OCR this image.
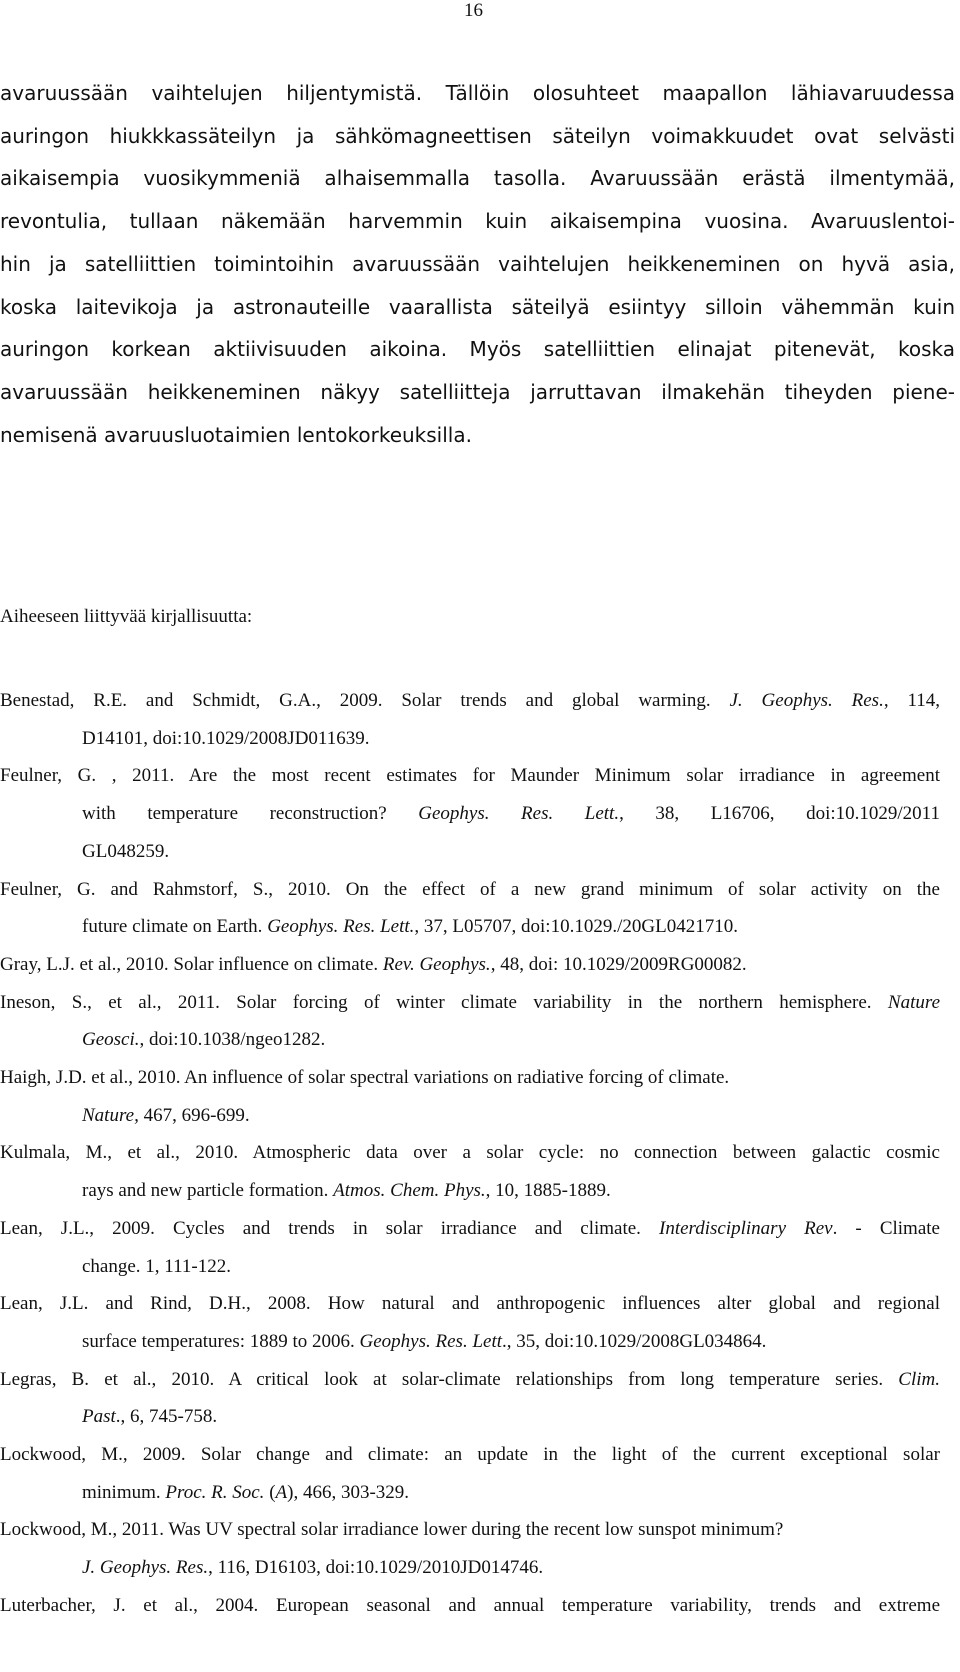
16
avaruussään vaihtelujen hiljentymistä. Tällöin olosuhteet maapallon lähiavaruudessa
auringon hiukkkassäteilyn ja sähkömagneettisen säteilyn voimakkuudet ovat selvästi
aikaisempia vuosikymmeniä alhaisemmalla tasolla. Avaruussään erästä ilmentymää,
revontulia, tullaan näkemään harvemmin kuin aikaisempina vuosina. Avaruuslentoi-
hin ja satelliittien toimintoihin avaruussään vaihtelujen heikkeneminen on hyvä asia,
koska laitevikoja ja astronauteille vaarallista säteilyä esiintyy silloin vähemmän kuin
auringon korkean aktiivisuuden aikoina. Myös satelliittien elinajat pitenevät, koska
avaruussään heikkeneminen näkyy satelliitteja jarruttavan ilmakehän tiheyden piene-
nemisenä avaruusluotaimien lentokorkeuksilla.
Aiheeseen liittyvää kirjallisuutta:
Benestad, R.E. and Schmidt, G.A., 2009. Solar trends and global warming. J. Geophys. Res., 114,
D14101, doi:10.1029/2008JD011639.
Feulner, G. , 2011. Are the most recent estimates for Maunder Minimum solar irradiance in agreement
with temperature reconstruction? Geophys. Res. Lett., 38, L16706, doi:10.1029/2011
GL048259.
Feulner, G. and Rahmstorf, S., 2010. On the effect of a new grand minimum of solar activity on the
future climate on Earth. Geophys. Res. Lett., 37, L05707, doi:10.1029./20GL0421710.
Gray, L.J. et al., 2010. Solar influence on climate. Rev. Geophys., 48, doi: 10.1029/2009RG00082.
Ineson, S., et al., 2011. Solar forcing of winter climate variability in the northern hemisphere. Nature
Geosci., doi:10.1038/ngeo1282.
Haigh, J.D. et al., 2010. An influence of solar spectral variations on radiative forcing of climate.
Nature, 467, 696-699.
Kulmala, M., et al., 2010. Atmospheric data over a solar cycle: no connection between galactic cosmic
rays and new particle formation. Atmos. Chem. Phys., 10, 1885-1889.
Lean, J.L., 2009. Cycles and trends in solar irradiance and climate. Interdisciplinary Rev. - Climate
change. 1, 111-122.
Lean, J.L. and Rind, D.H., 2008. How natural and anthropogenic influences alter global and regional
surface temperatures: 1889 to 2006. Geophys. Res. Lett., 35, doi:10.1029/2008GL034864.
Legras, B. et al., 2010. A critical look at solar-climate relationships from long temperature series. Clim.
Past., 6, 745-758.
Lockwood, M., 2009. Solar change and climate: an update in the light of the current exceptional solar
minimum. Proc. R. Soc. (A), 466, 303-329.
Lockwood, M., 2011. Was UV spectral solar irradiance lower during the recent low sunspot minimum?
J. Geophys. Res., 116, D16103, doi:10.1029/2010JD014746.
Luterbacher, J. et al., 2004. European seasonal and annual temperature variability, trends and extreme
